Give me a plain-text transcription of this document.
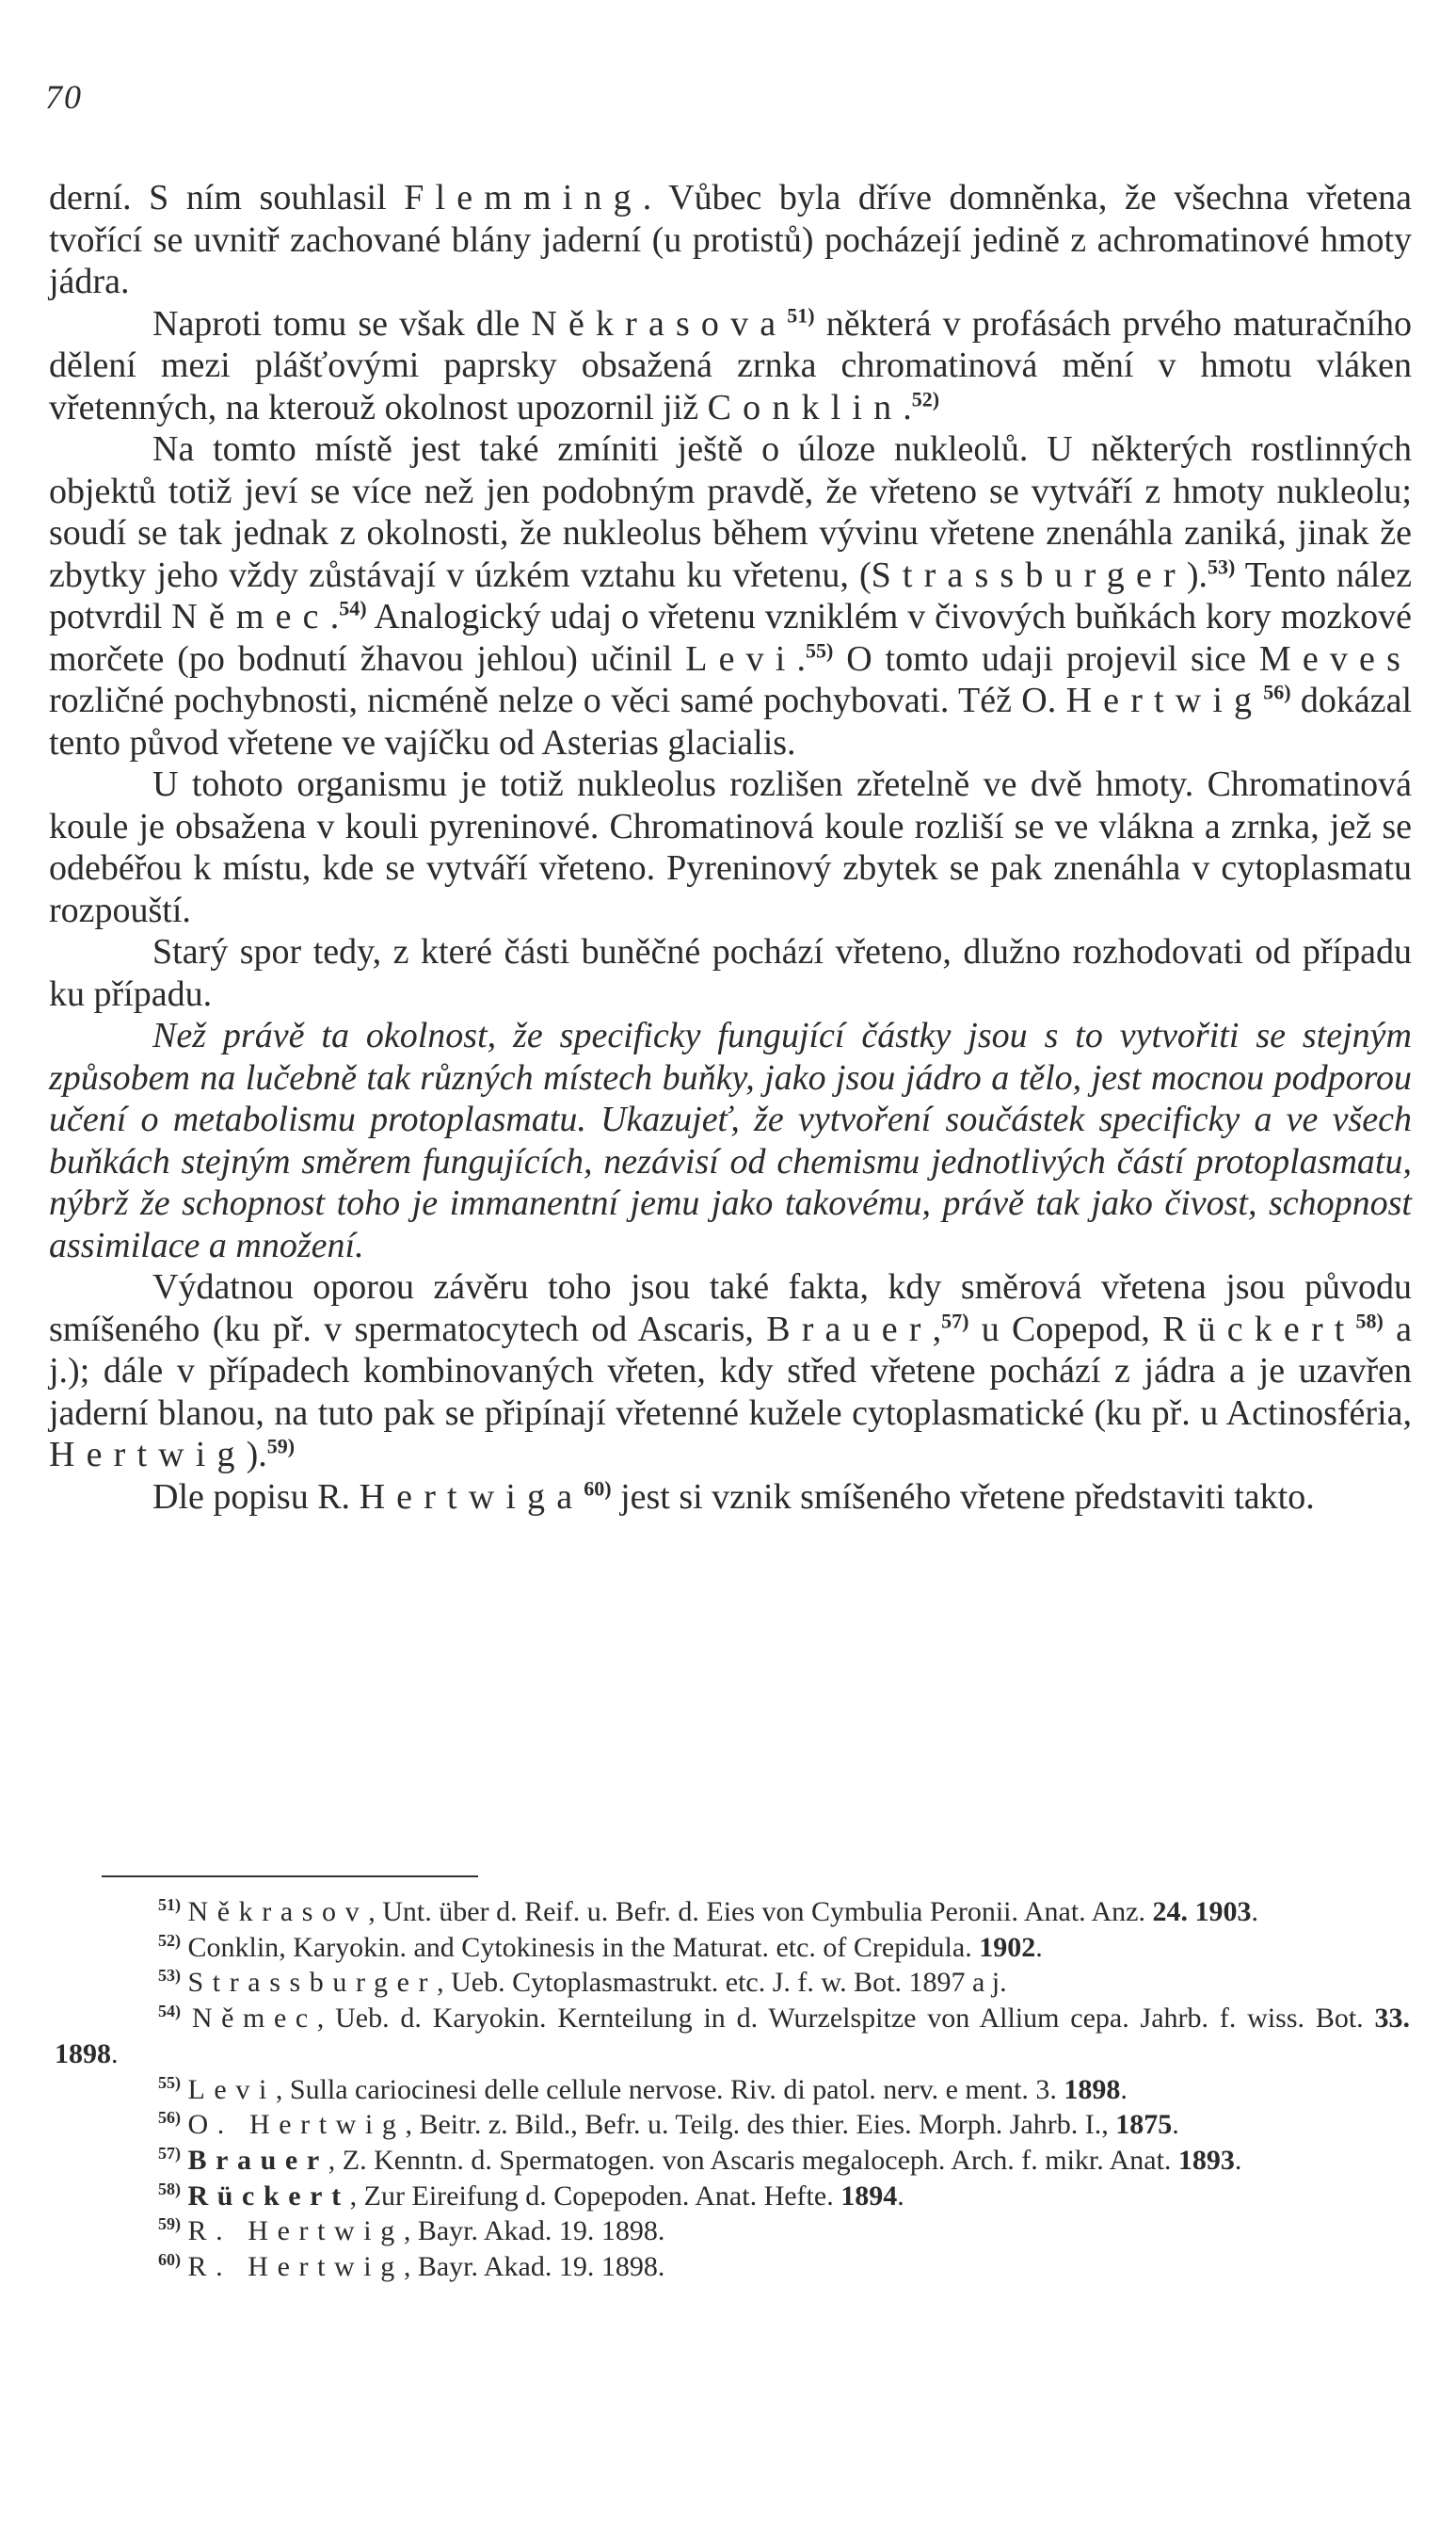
70

derní. S ním souhlasil Flemming. Vůbec byla dříve domněnka, že všechna vřetena tvořící se uvnitř zachované blány jaderní (u protistů) pocházejí jedině z achromatinové hmoty jádra.

Naproti tomu se však dle Někrasova$^{51)}$ některá v profásách prvého maturačního dělení mezi plášťovými paprsky obsažená zrnka chromatinová mění v hmotu vláken vřetenných, na kterouž okolnost upozornil již Conklin.$^{52)}$

Na tomto místě jest také zmíniti ještě o úloze nukleolů. U některých rostlinných objektů totiž jeví se více než jen podobným pravdě, že vřeteno se vytváří z hmoty nukleolu; soudí se tak jednak z okolnosti, že nukleolus během vývinu vřetene znenáhla zaniká, jinak že zbytky jeho vždy zůstávají v úzkém vztahu ku vřetenu, (Strassburger).$^{53)}$ Tento nález potvrdil Němec.$^{54)}$ Analogický udaj o vřetenu vzniklém v čivových buňkách kory mozkové morčete (po bodnutí žhavou jehlou) učinil Levi.$^{55)}$ O tomto udaji projevil sice Meves rozličné pochybnosti, nicméně nelze o věci samé pochybovati. Též O. Hertwig$^{56)}$ dokázal tento původ vřetene ve vajíčku od Asterias glacialis.

U tohoto organismu je totiž nukleolus rozlišen zřetelně ve dvě hmoty. Chromatinová koule je obsažena v kouli pyreninové. Chromatinová koule rozliší se ve vlákna a zrnka, jež se odebéřou k místu, kde se vytváří vřeteno. Pyreninový zbytek se pak znenáhla v cytoplasmatu rozpouští.

Starý spor tedy, z které části buněčné pochází vřeteno, dlužno rozhodovati od případu ku případu.

Než právě ta okolnost, že specificky fungující částky jsou s to vytvořiti se stejným způsobem na lučebně tak různých místech buňky, jako jsou jádro a tělo, jest mocnou podporou učení o metabolismu protoplasmatu. Ukazujeť, že vytvoření součástek specificky a ve všech buňkách stejným směrem fungujících, nezávisí od chemismu jednotlivých částí protoplasmatu, nýbrž že schopnost toho je immanentní jemu jako takovému, právě tak jako čivost, schopnost assimilace a množení.

Výdatnou oporou závěru toho jsou také fakta, kdy směrová vřetena jsou původu smíšeného (ku př. v spermatocytech od Ascaris, Brauer,$^{57)}$ u Copepod, Rückert$^{58)}$ a j.); dále v případech kombinovaných vřeten, kdy střed vřetene pochází z jádra a je uzavřen jaderní blanou, na tuto pak se připínají vřetenné kužele cytoplasmatické (ku př. u Actinosféria, Hertwig).$^{59)}$

Dle popisu R. Hertwiga$^{60)}$ jest si vznik smíšeného vřetene představiti takto.

$^{51)}$ Někrasov, Unt. über d. Reif. u. Befr. d. Eies von Cymbulia Peronii. Anat. Anz. 24. 1903.

$^{52)}$ Conklin, Karyokin. and Cytokinesis in the Maturat. etc. of Crepidula. 1902.

$^{53)}$ Strassburger, Ueb. Cytoplasmastrukt. etc. J. f. w. Bot. 1897 a j.

$^{54)}$ Němec, Ueb. d. Karyokin. Kernteilung in d. Wurzelspitze von Allium cepa. Jahrb. f. wiss. Bot. 33. 1898.

$^{55)}$ Levi, Sulla cariocinesi delle cellule nervose. Riv. di patol. nerv. e ment. 3. 1898.

$^{56)}$ O. Hertwig, Beitr. z. Bild., Befr. u. Teilg. des thier. Eies. Morph. Jahrb. I., 1875.

$^{57)}$ Brauer, Z. Kenntn. d. Spermatogen. von Ascaris megaloceph. Arch. f. mikr. Anat. 1893.

$^{58)}$ Rückert, Zur Eireifung d. Copepoden. Anat. Hefte. 1894.

$^{59)}$ R. Hertwig, Bayr. Akad. 19. 1898.

$^{60)}$ R. Hertwig, Bayr. Akad. 19. 1898.
